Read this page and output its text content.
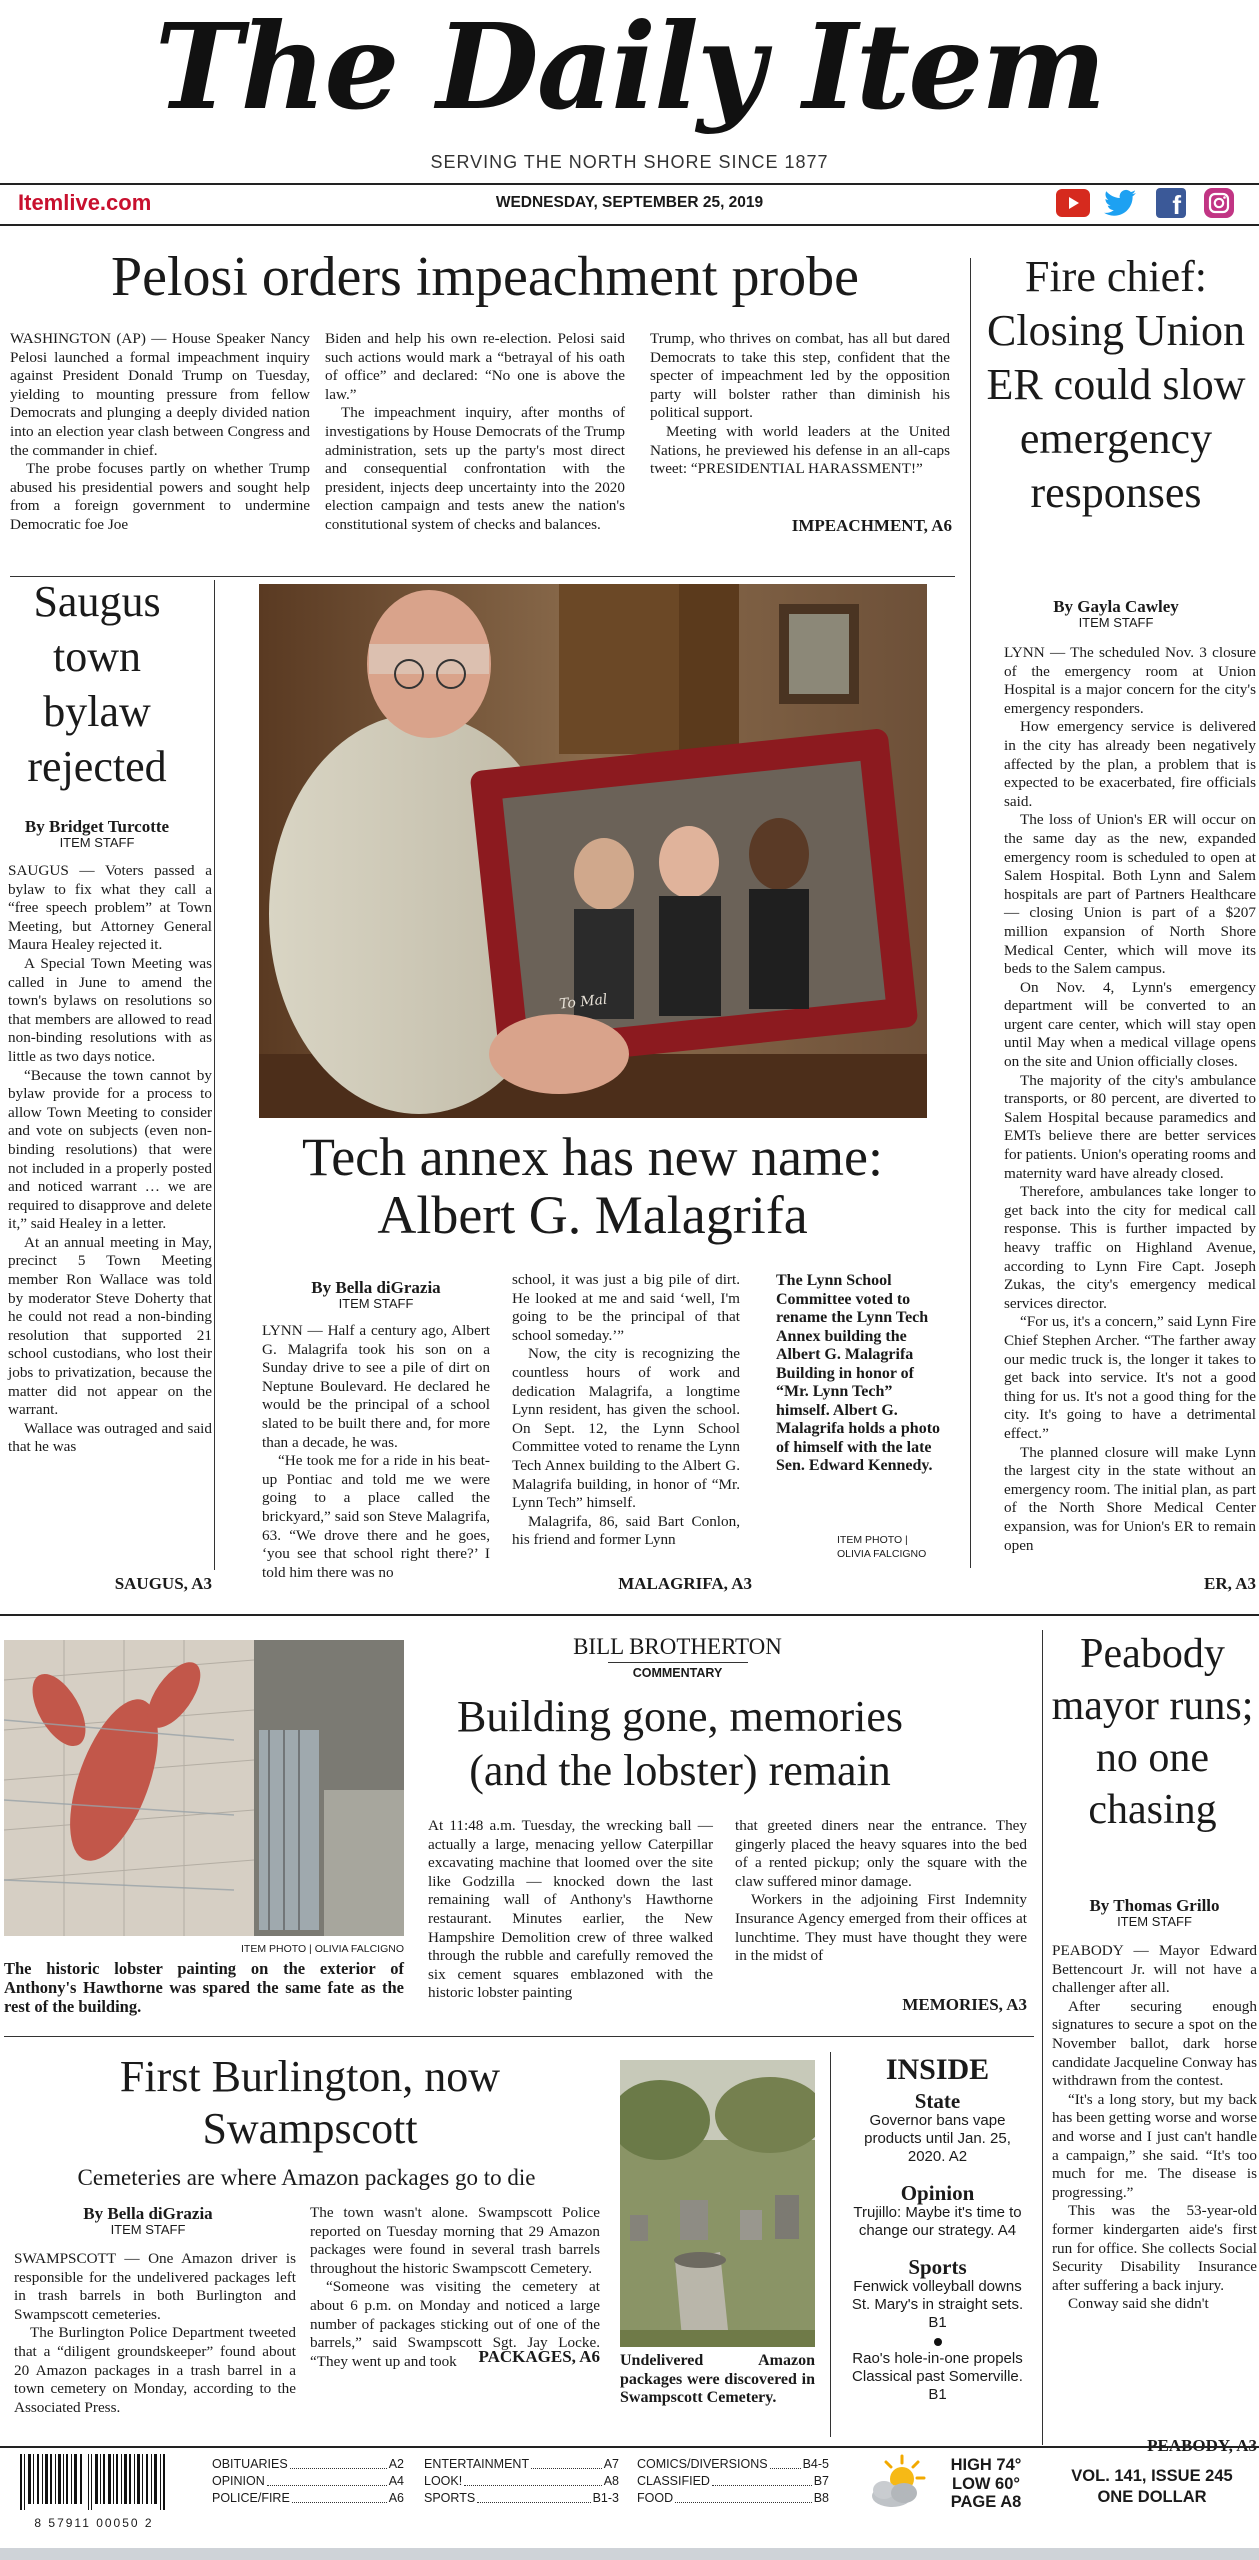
The Daily Item
SERVING THE NORTH SHORE SINCE 1877
Itemlive.com	WEDNESDAY, SEPTEMBER 25, 2019	f
Pelosi orders impeachment probe

WASHINGTON (AP) — House Speaker Nancy Pelosi launched a formal impeachment inquiry against President Donald Trump on Tuesday, yielding to mounting pressure from fellow Democrats and plunging a deeply divided nation into an election year clash between Congress and the commander in chief.

The probe focuses partly on whether Trump abused his presidential powers and sought help from a foreign government to undermine Democratic foe Joe

Biden and help his own re-election. Pelosi said such actions would mark a “betrayal of his oath of office” and declared: “No one is above the law.”

The impeachment inquiry, after months of investigations by House Democrats of the Trump administration, sets up the party's most direct and consequential confrontation with the president, injects deep uncertainty into the 2020 election campaign and tests anew the nation's constitutional system of checks and balances.

Trump, who thrives on combat, has all but dared Democrats to take this step, confident that the specter of impeachment led by the opposition party will bolster rather than diminish his political support.

Meeting with world leaders at the United Nations, he previewed his defense in an all-caps tweet: “PRESIDENTIAL HARASSMENT!”

IMPEACHMENT, A6
Fire chief: Closing Union ER could slow emergency responses
By Gayla Cawley
ITEM STAFF

LYNN — The scheduled Nov. 3 closure of the emergency room at Union Hospital is a major concern for the city's emergency responders.

How emergency service is delivered in the city has already been negatively affected by the plan, a problem that is expected to be exacerbated, fire officials said.

The loss of Union's ER will occur on the same day as the new, expanded emergency room is scheduled to open at Salem Hospital. Both Lynn and Salem hospitals are part of Partners Healthcare — closing Union is part of a $207 million expansion of North Shore Medical Center, which will move its beds to the Salem campus.

On Nov. 4, Lynn's emergency department will be converted to an urgent care center, which will stay open until May when a medical village opens on the site and Union officially closes.

The majority of the city's ambulance transports, or 80 percent, are diverted to Salem Hospital because paramedics and EMTs believe there are better services for patients. Union's operating rooms and maternity ward have already closed.

Therefore, ambulances take longer to get back into the city for medical call response. This is further impacted by heavy traffic on Highland Avenue, according to Lynn Fire Capt. Joseph Zukas, the city's emergency medical services director.

“For us, it's a concern,” said Lynn Fire Chief Stephen Archer. “The farther away our medic truck is, the longer it takes to get back into service. It's not a good thing for us. It's not a good thing for the city. It's going to have a detrimental effect.”

The planned closure will make Lynn the largest city in the state without an emergency room. The initial plan, as part of the North Shore Medical Center expansion, was for Union's ER to remain open

ER, A3
Saugus town bylaw rejected
By Bridget Turcotte
ITEM STAFF

SAUGUS — Voters passed a bylaw to fix what they call a “free speech problem” at Town Meeting, but Attorney General Maura Healey rejected it.

A Special Town Meeting was called in June to amend the town's bylaws on resolutions so that members are allowed to read non-binding resolutions with as little as two days notice.

“Because the town cannot by bylaw provide for a process to allow Town Meeting to consider and vote on subjects (even non-binding resolutions) that were not included in a properly posted and noticed warrant … we are required to disapprove and delete it,” said Healey in a letter.

At an annual meeting in May, precinct 5 Town Meeting member Ron Wallace was told by moderator Steve Doherty that he could not read a non-binding resolution that supported 21 school custodians, who lost their jobs to privatization, because the matter did not appear on the warrant.

Wallace was outraged and said that he was

SAUGUS, A3
To Mal
Tech annex has new name: Albert G. Malagrifa
By Bella diGrazia
ITEM STAFF

LYNN — Half a century ago, Albert G. Malagrifa took his son on a Sunday drive to see a pile of dirt on Neptune Boulevard. He declared he would be the principal of a school slated to be built there and, for more than a decade, he was.

“He took me for a ride in his beat-up Pontiac and told me we were going to a place called the brickyard,” said son Steve Malagrifa, 63. “We drove there and he goes, ‘you see that school right there?’ I told him there was no

school, it was just a big pile of dirt. He looked at me and said ‘well, I'm going to be the principal of that school someday.’”

Now, the city is recognizing the countless hours of work and dedication Malagrifa, a longtime Lynn resident, has given the school. On Sept. 12, the Lynn School Committee voted to rename the Lynn Tech Annex building to the Albert G. Malagrifa building, in honor of “Mr. Lynn Tech” himself.

Malagrifa, 86, said Bart Conlon, his friend and former Lynn

MALAGRIFA, A3
The Lynn School Committee voted to rename the Lynn Tech Annex building the Albert G. Malagrifa Building in honor of “Mr. Lynn Tech” himself. Albert G. Malagrifa holds a photo of himself with the late Sen. Edward Kennedy.
ITEM PHOTO | OLIVIA FALCIGNO
ITEM PHOTO | OLIVIA FALCIGNO
The historic lobster painting on the exterior of Anthony's Hawthorne was spared the same fate as the rest of the building.
BILL BROTHERTON
COMMENTARY
Building gone, memories (and the lobster) remain

At 11:48 a.m. Tuesday, the wrecking ball — actually a large, menacing yellow Caterpillar excavating machine that loomed over the site like Godzilla — knocked down the last remaining wall of Anthony's Hawthorne restaurant. Minutes earlier, the New Hampshire Demolition crew of three walked through the rubble and carefully removed the six cement squares emblazoned with the historic lobster painting

that greeted diners near the entrance. They gingerly placed the heavy squares into the bed of a rented pickup; only the square with the claw suffered minor damage.

Workers in the adjoining First Indemnity Insurance Agency emerged from their offices at lunchtime. They must have thought they were in the midst of

MEMORIES, A3
Peabody mayor runs; no one chasing
By Thomas Grillo
ITEM STAFF

PEABODY — Mayor Edward Bettencourt Jr. will not have a challenger after all.

After securing enough signatures to secure a spot on the November ballot, dark horse candidate Jacqueline Conway has withdrawn from the contest.

“It's a long story, but my back has been getting worse and worse and worse and I just can't handle a campaign,” she said. “It's too much for me. The disease is progressing.”

This was the 53-year-old former kindergarten aide's first run for office. She collects Social Security Disability Insurance after suffering a back injury.

Conway said she didn't

First Burlington, now Swampscott
Cemeteries are where Amazon packages go to die
By Bella diGrazia
ITEM STAFF

SWAMPSCOTT — One Amazon driver is responsible for the undelivered packages left in trash barrels in both Burlington and Swampscott cemeteries.

The Burlington Police Department tweeted that a “diligent groundskeeper” found about 20 Amazon packages in a trash barrel in a town cemetery on Monday, according to the Associated Press.

The town wasn't alone. Swampscott Police reported on Tuesday morning that 29 Amazon packages were found in several trash barrels throughout the historic Swampscott Cemetery.

“Someone was visiting the cemetery at about 6 p.m. on Monday and noticed a large number of packages sticking out of one of the barrels,” said Swampscott Sgt. Jay Locke. “They went up and took	PACKAGES, A6 Undelivered Amazon packages were discovered in Swampscott Cemetery.
INSIDE
State
Governor bans vape products until Jan. 25, 2020. A2
Opinion
Trujillo: Maybe it's time to change our strategy. A4
Sports
Fenwick volleyball downs St. Mary's in straight sets. B1
Rao's hole-in-one propels Classical past Somerville. B1
8 57911 00050 2
OBITUARIES	A2
OPINION	A4
POLICE/FIRE	A6
ENTERTAINMENT	A7
LOOK!	A8
SPORTS	B1-3
COMICS/DIVERSIONS	B4-5
CLASSIFIED	B7
FOOD	B8
HIGH 74°
LOW 60°
PAGE A8
VOL. 141, ISSUE 245
ONE DOLLAR
